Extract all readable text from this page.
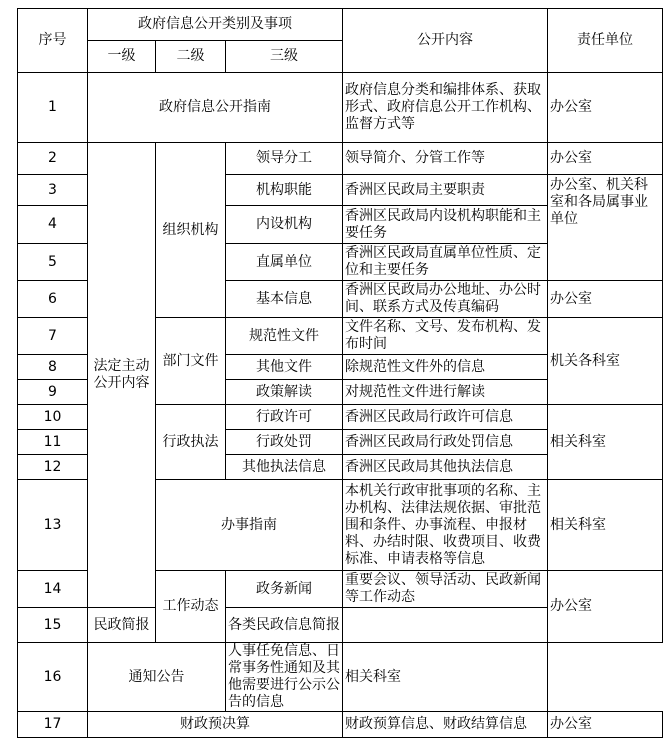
序号	政府信息公开类别及事项			公开内容	责任单位
	一级	二级	三级		
1	政府信息公开指南			政府信息分类和编排体系、获取形式、政府信息公开工作机构、监督方式等	办公室
2	法定主动公开内容	组织机构	领导分工	领导简介、分管工作等	办公室
3			机构职能	香洲区民政局主要职责	办公室、机关科室和各局属事业单位
4			内设机构	香洲区民政局内设机构职能和主要任务	
5			直属单位	香洲区民政局直属单位性质、定位和主要任务	
6			基本信息	香洲区民政局办公地址、办公时间、联系方式及传真编码	办公室
7		部门文件	规范性文件	文件名称、文号、发布机构、发布时间	机关各科室
8			其他文件	除规范性文件外的信息	
9			政策解读	对规范性文件进行解读	
10		行政执法	行政许可	香洲区民政局行政许可信息	相关科室
11			行政处罚	香洲区民政局行政处罚信息	
12			其他执法信息	香洲区民政局其他执法信息	
13		办事指南		本机关行政审批事项的名称、主办机构、法律法规依据、审批范围和条件、办事流程、申报材料、办结时限、收费项目、收费标准、申请表格等信息	相关科室
14		工作动态	政务新闻	重要会议、领导活动、民政新闻等工作动态	办公室
15	民政简报		各类民政信息简报		
16	通知公告		人事任免信息、日常事务性通知及其他需要进行公示公告的信息	相关科室	
17	财政预决算			财政预算信息、财政结算信息	办公室
